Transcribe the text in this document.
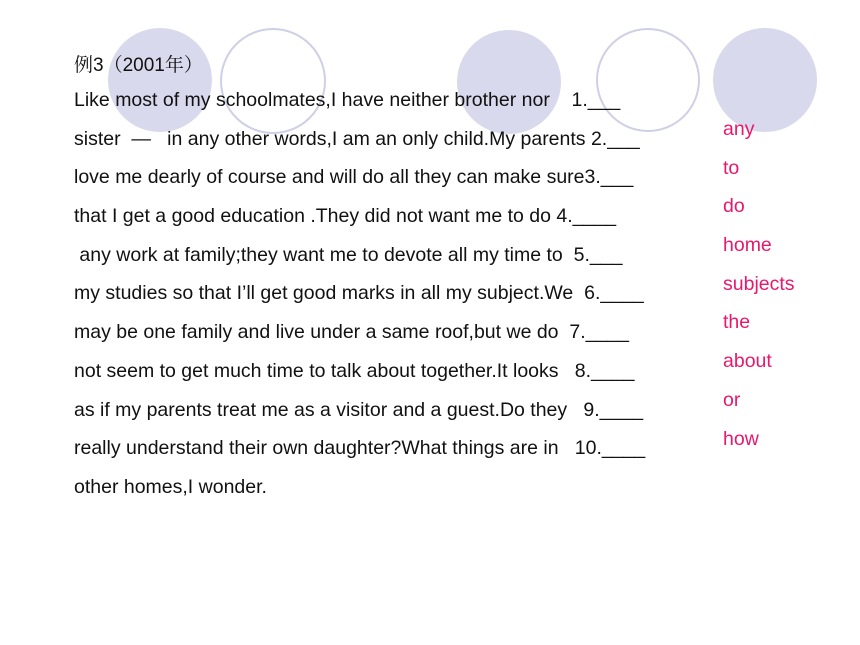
例3（2001年）
Like most of my schoolmates,I have neither brother nor    1.___
sister  —   in any other words,I am an only child.My parents 2.___
love me dearly of course and will do all they can make sure3.___
that I get a good education .They did not want me to do 4.____
any work at family;they want me to devote all my time to  5.___
my studies so that I’ll get good marks in all my subject.We  6.____
may be one family and live under a same roof,but we do  7.____
not seem to get much time to talk about together.It looks   8.____
as if my parents treat me as a visitor and a guest.Do they   9.____
really understand their own daughter?What things are in   10.____
other homes,I wonder.
any
to
do
home
subjects
the
about
or
how
